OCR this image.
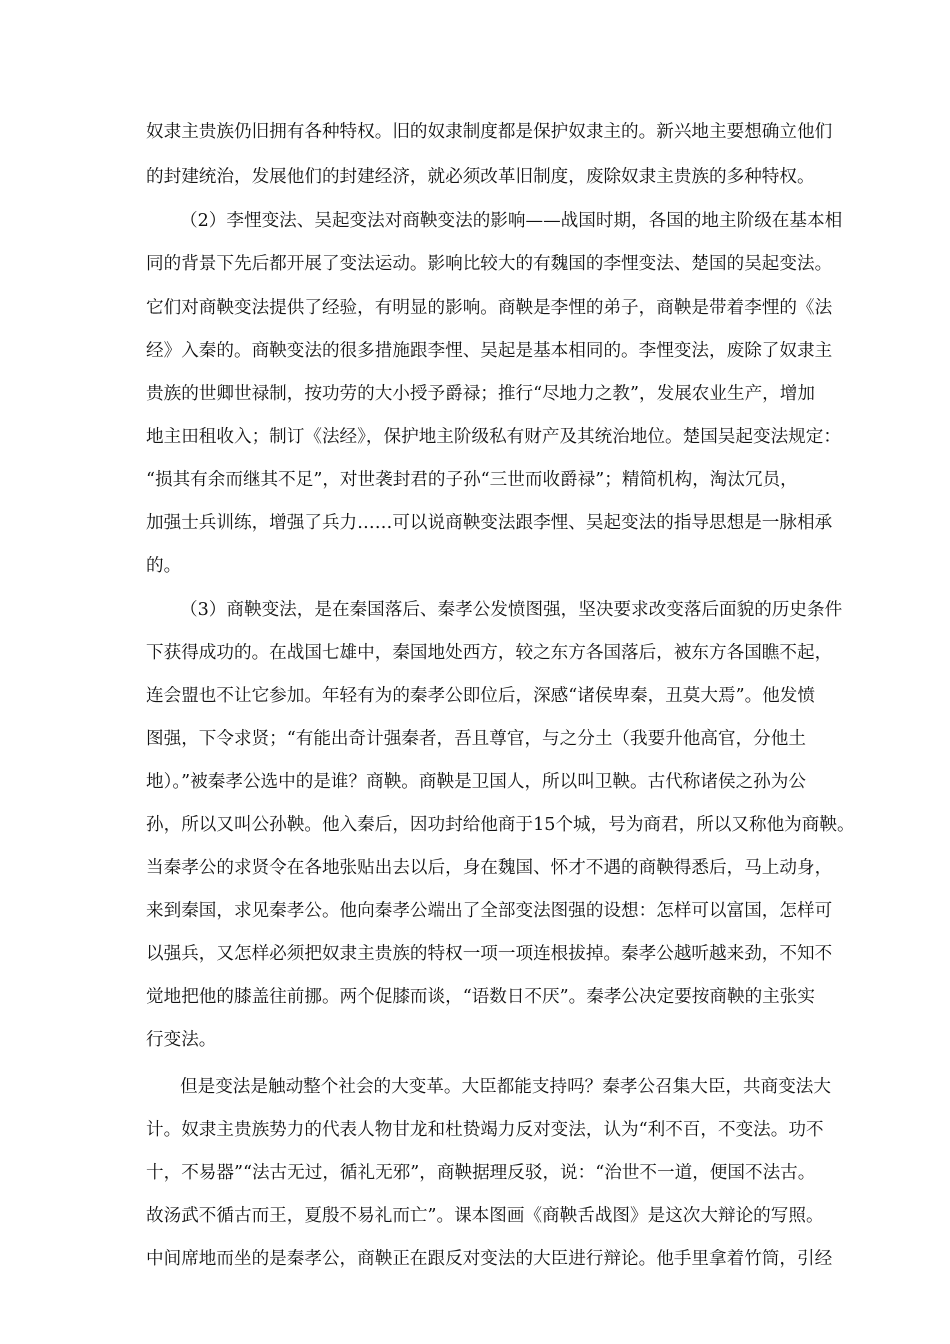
奴隶主贵族仍旧拥有各种特权。旧的奴隶制度都是保护奴隶主的。新兴地主要想确立他们
的封建统治，发展他们的封建经济，就必须改革旧制度，废除奴隶主贵族的多种特权。
（2）李悝变法、吴起变法对商鞅变法的影响——战国时期，各国的地主阶级在基本相
同的背景下先后都开展了变法运动。影响比较大的有魏国的李悝变法、楚国的吴起变法。
它们对商鞅变法提供了经验，有明显的影响。商鞅是李悝的弟子，商鞅是带着李悝的《法
经》入秦的。商鞅变法的很多措施跟李悝、吴起是基本相同的。李悝变法，废除了奴隶主
贵族的世卿世禄制，按功劳的大小授予爵禄；推行“尽地力之教”，发展农业生产，增加
地主田租收入；制订《法经》，保护地主阶级私有财产及其统治地位。楚国吴起变法规定：
“损其有余而继其不足”，对世袭封君的子孙“三世而收爵禄”；精简机构，淘汰冗员，
加强士兵训练，增强了兵力……可以说商鞅变法跟李悝、吴起变法的指导思想是一脉相承
的。
（3）商鞅变法，是在秦国落后、秦孝公发愤图强，坚决要求改变落后面貌的历史条件
下获得成功的。在战国七雄中，秦国地处西方，较之东方各国落后，被东方各国瞧不起，
连会盟也不让它参加。年轻有为的秦孝公即位后，深感“诸侯卑秦，丑莫大焉”。他发愤
图强，下令求贤；“有能出奇计强秦者，吾且尊官，与之分土（我要升他高官，分他土
地）。”被秦孝公选中的是谁？商鞅。商鞅是卫国人，所以叫卫鞅。古代称诸侯之孙为公
孙，所以又叫公孙鞅。他入秦后，因功封给他商于15个城，号为商君，所以又称他为商鞅。
当秦孝公的求贤令在各地张贴出去以后，身在魏国、怀才不遇的商鞅得悉后，马上动身，
来到秦国，求见秦孝公。他向秦孝公端出了全部变法图强的设想：怎样可以富国，怎样可
以强兵，又怎样必须把奴隶主贵族的特权一项一项连根拔掉。秦孝公越听越来劲，不知不
觉地把他的膝盖往前挪。两个促膝而谈，“语数日不厌”。秦孝公决定要按商鞅的主张实
行变法。
但是变法是触动整个社会的大变革。大臣都能支持吗？秦孝公召集大臣，共商变法大
计。奴隶主贵族势力的代表人物甘龙和杜贽竭力反对变法，认为“利不百，不变法。功不
十，不易器”“法古无过，循礼无邪”，商鞅据理反驳，说：“治世不一道，便国不法古。
故汤武不循古而王，夏殷不易礼而亡”。课本图画《商鞅舌战图》是这次大辩论的写照。
中间席地而坐的是秦孝公，商鞅正在跟反对变法的大臣进行辩论。他手里拿着竹筒，引经
